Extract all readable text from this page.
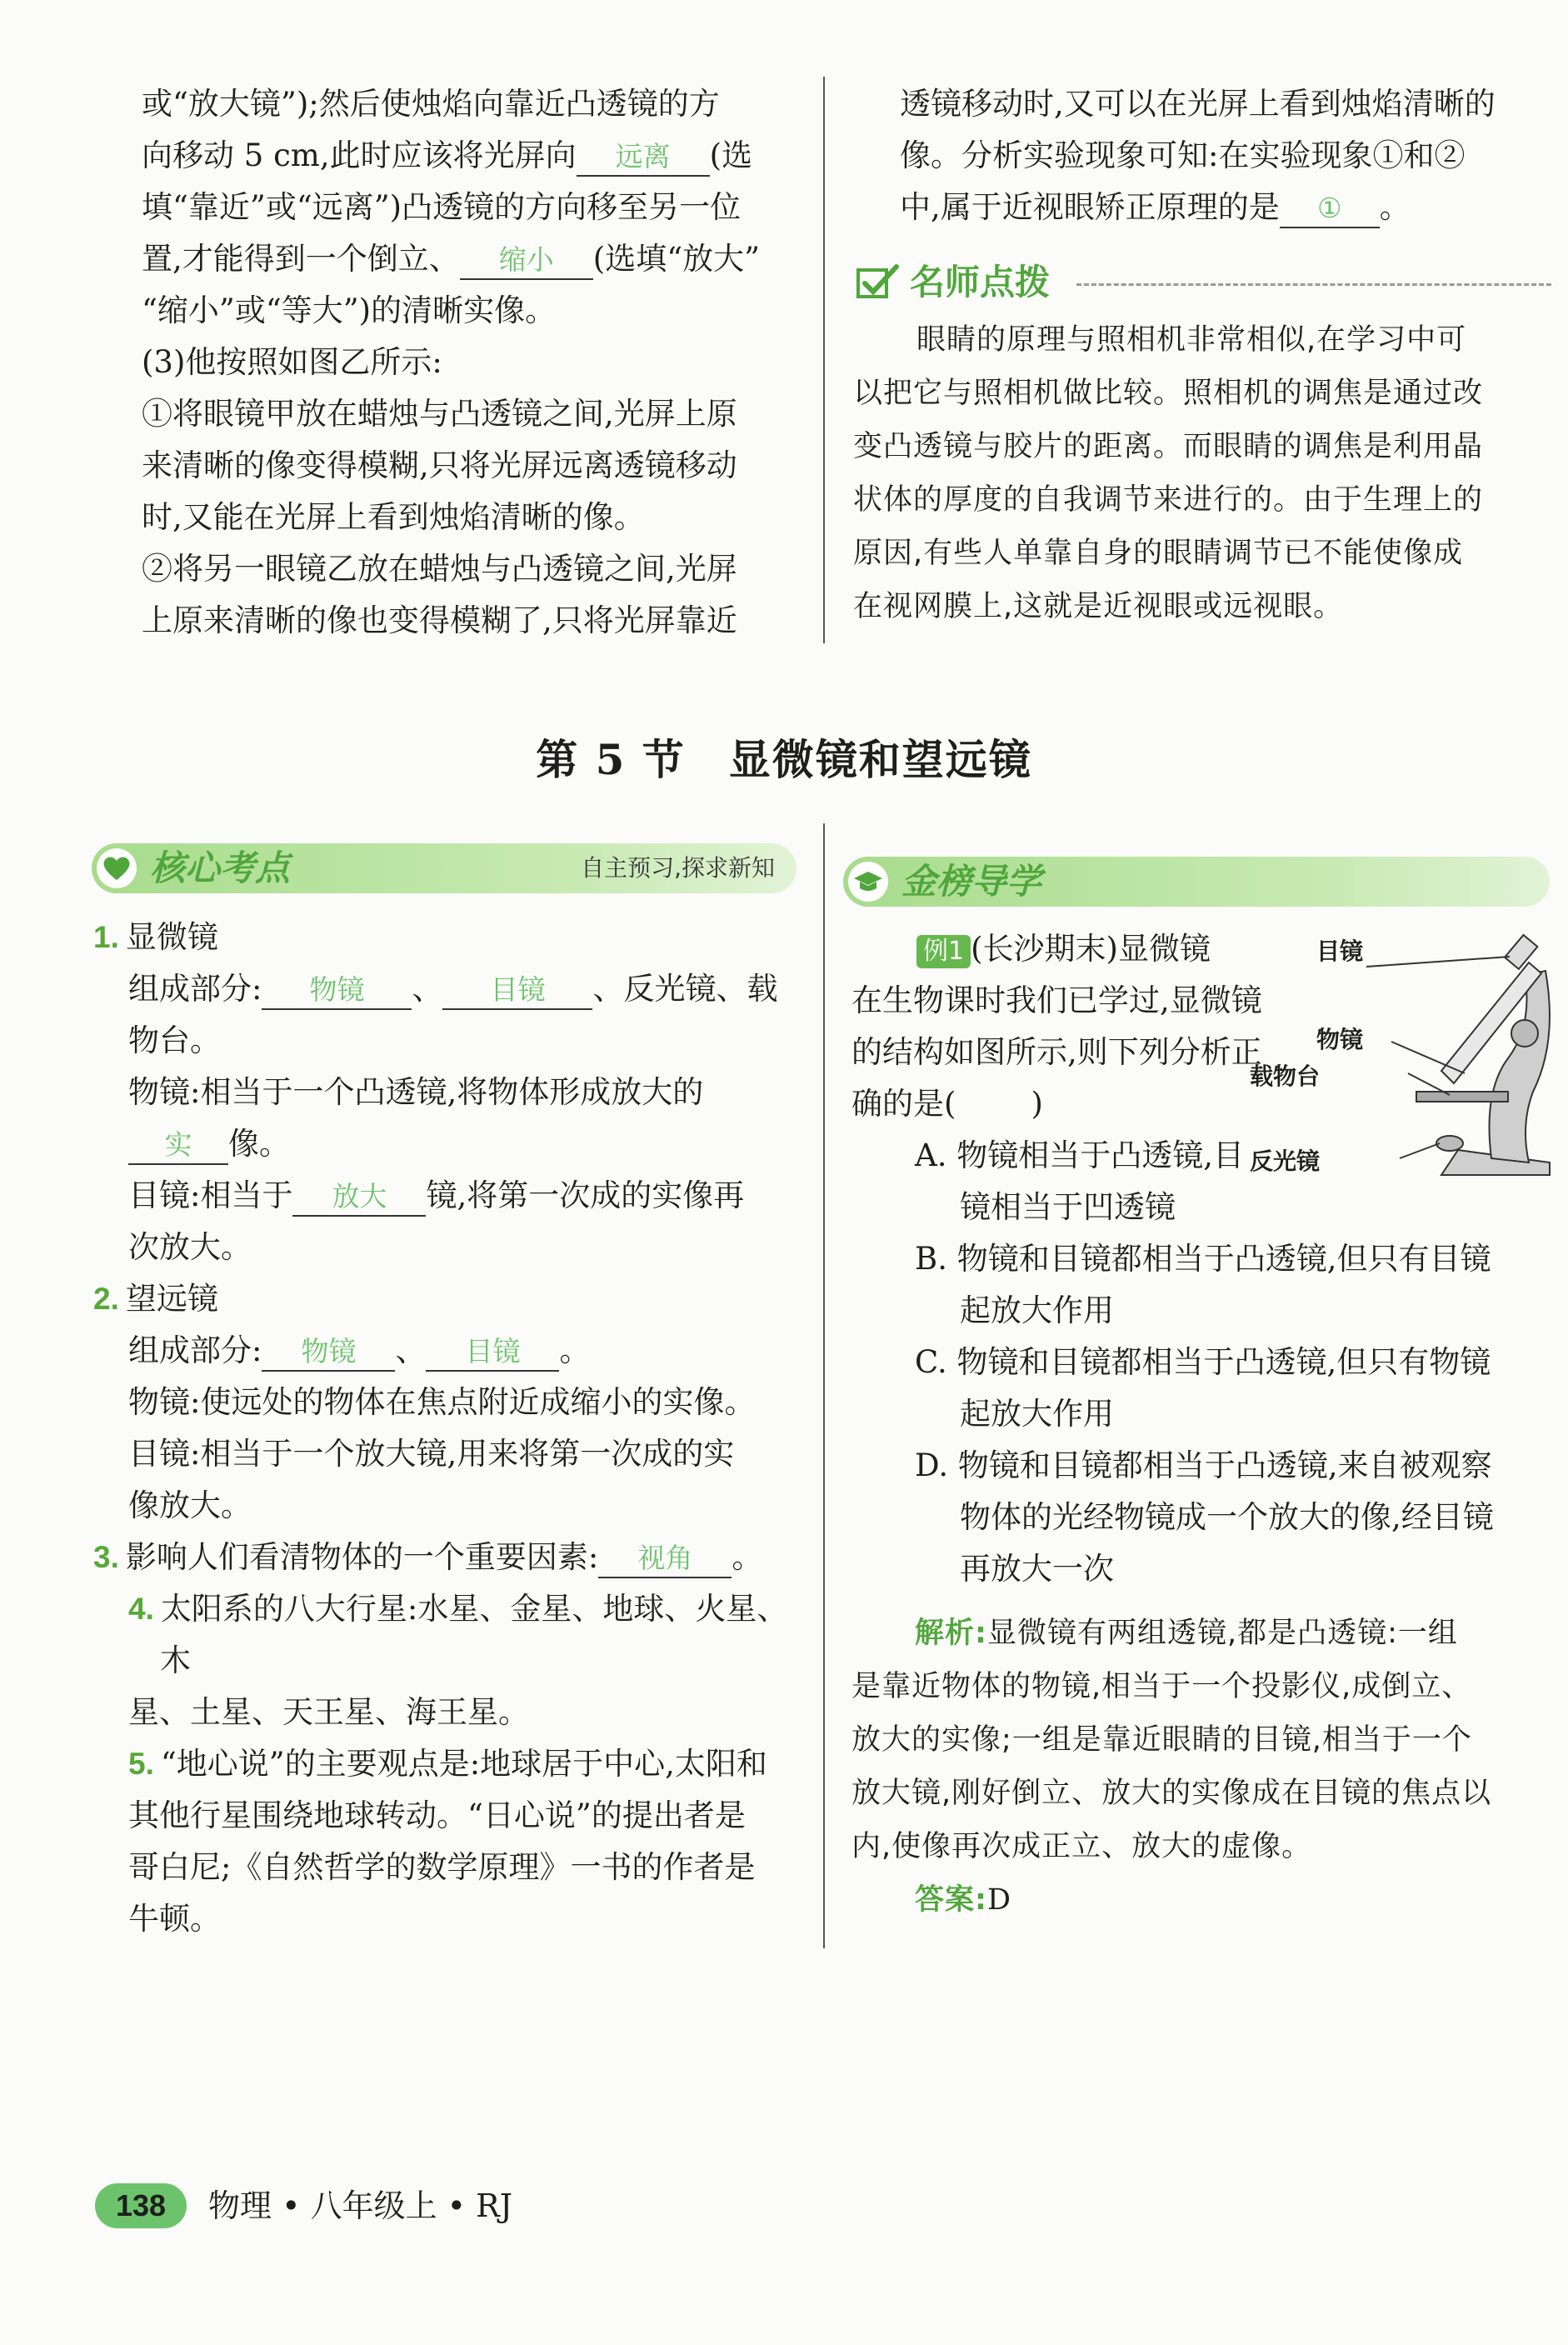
或“放大镜”);然后使烛焰向靠近凸透镜的方

向移动 5 cm,此时应该将光屏向 远离 (选

填“靠近”或“远离”)凸透镜的方向移至另一位

置,才能得到一个倒立、 缩小 (选填“放大”

“缩小”或“等大”)的清晰实像。

(3)他按照如图乙所示:

①将眼镜甲放在蜡烛与凸透镜之间,光屏上原

来清晰的像变得模糊,只将光屏远离透镜移动

时,又能在光屏上看到烛焰清晰的像。

②将另一眼镜乙放在蜡烛与凸透镜之间,光屏

上原来清晰的像也变得模糊了,只将光屏靠近

透镜移动时,又可以在光屏上看到烛焰清晰的

像。分析实验现象可知:在实验现象①和②

中,属于近视眼矫正原理的是 ① 。

名师点拨

眼睛的原理与照相机非常相似,在学习中可

以把它与照相机做比较。照相机的调焦是通过改

变凸透镜与胶片的距离。而眼睛的调焦是利用晶

状体的厚度的自我调节来进行的。由于生理上的

原因,有些人单靠自身的眼睛调节已不能使像成

在视网膜上,这就是近视眼或远视眼。

第 5 节　显微镜和望远镜
核心考点	自主预习,探求新知

1. 显微镜

组成部分: 物镜 、 目镜 、反光镜、载

物台。

物镜:相当于一个凸透镜,将物体形成放大的

实 像。

目镜:相当于 放大 镜,将第一次成的实像再

次放大。

2. 望远镜

组成部分: 物镜 、 目镜 。

物镜:使远处的物体在焦点附近成缩小的实像。

目镜:相当于一个放大镜,用来将第一次成的实

像放大。

3. 影响人们看清物体的一个重要因素: 视角 。

4. 太阳系的八大行星:水星、金星、地球、火星、木

星、土星、天王星、海王星。

5. “地心说”的主要观点是:地球居于中心,太阳和

其他行星围绕地球转动。“日心说”的提出者是

哥白尼;《自然哲学的数学原理》一书的作者是

牛顿。

金榜导学
目镜
物镜
载物台
反光镜

例1 (长沙期末)显微镜

在生物课时我们已学过,显微镜

的结构如图所示,则下列分析正

确的是( )

A. 物镜相当于凸透镜,目

镜相当于凹透镜

B. 物镜和目镜都相当于凸透镜,但只有目镜

起放大作用

C. 物镜和目镜都相当于凸透镜,但只有物镜

起放大作用

D. 物镜和目镜都相当于凸透镜,来自被观察

物体的光经物镜成一个放大的像,经目镜

再放大一次

解析:显微镜有两组透镜,都是凸透镜:一组

是靠近物体的物镜,相当于一个投影仪,成倒立、

放大的实像;一组是靠近眼睛的目镜,相当于一个

放大镜,刚好倒立、放大的实像成在目镜的焦点以

内,使像再次成正立、放大的虚像。

答案:D

138	物理 • 八年级上 • RJ
